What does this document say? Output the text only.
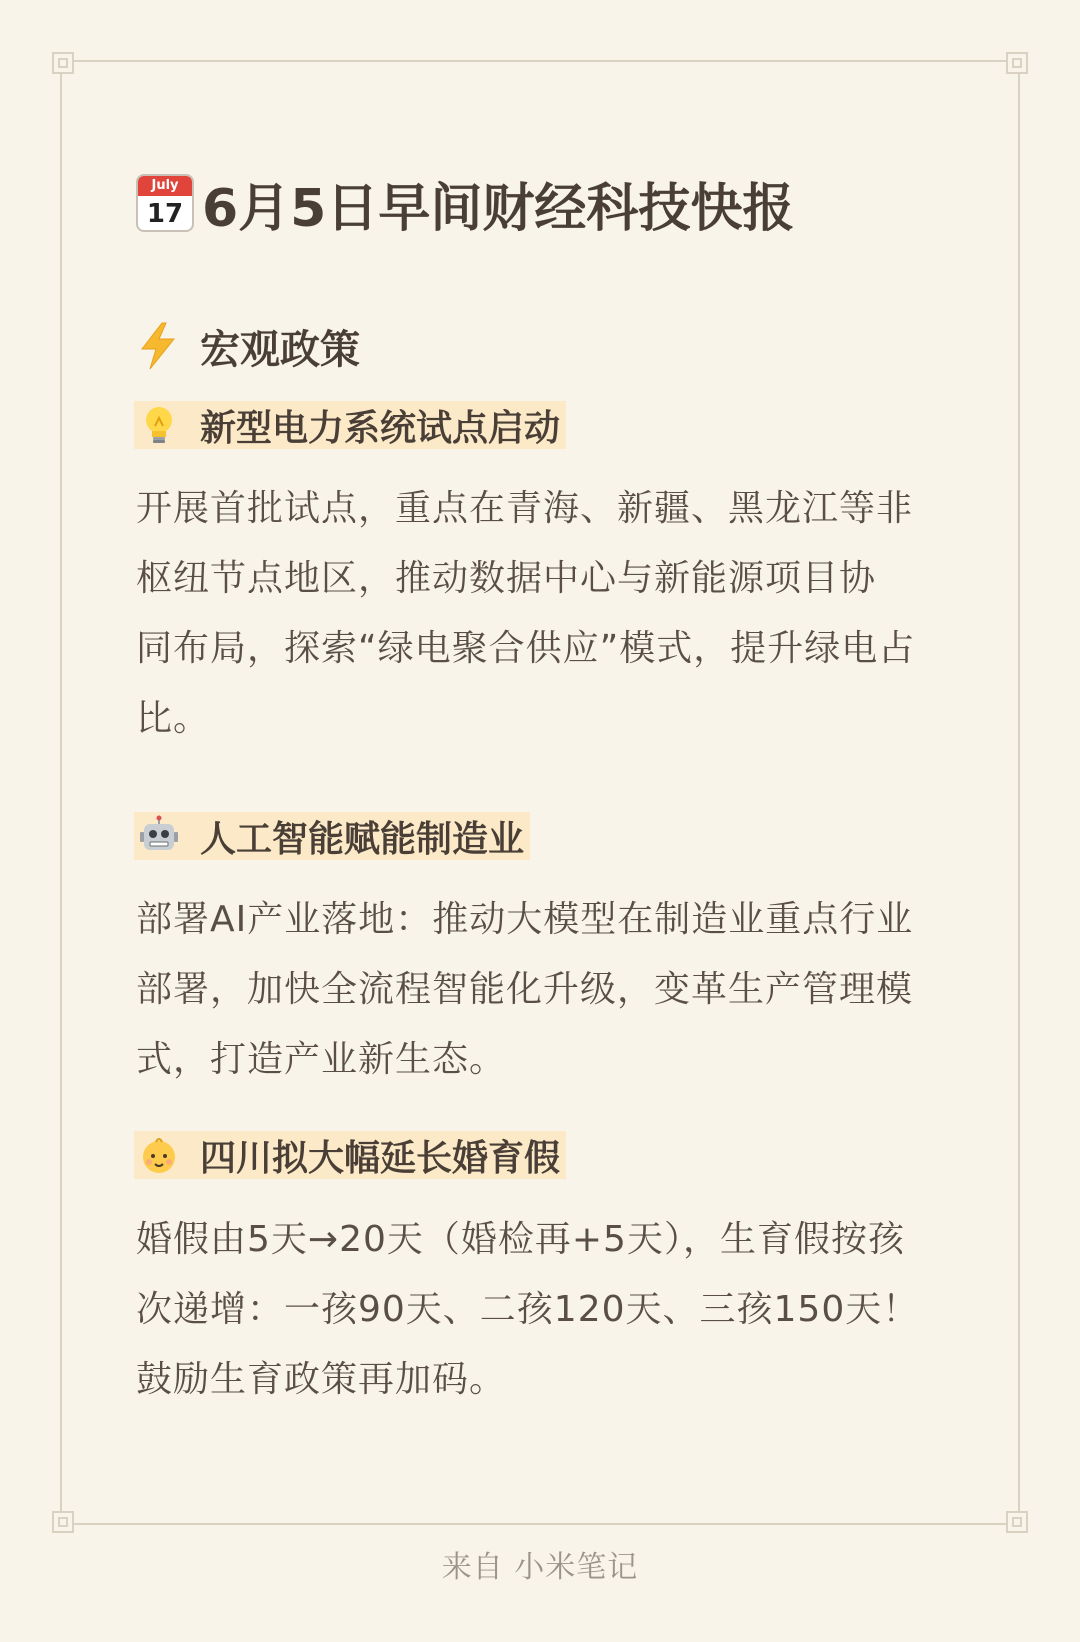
July
17 6月5日早间财经科技快报
宏观政策
新型电力系统试点启动
开展首批试点，重点在青海、新疆、黑龙江等非
枢纽节点地区，推动数据中心与新能源项目协
同布局，探索“绿电聚合供应”模式，提升绿电占
比。
人工智能赋能制造业
部署AI产业落地：推动大模型在制造业重点行业
部署，加快全流程智能化升级，变革生产管理模
式，打造产业新生态。
四川拟大幅延长婚育假
婚假由5天→20天（婚检再+5天），生育假按孩
次递增：一孩90天、二孩120天、三孩150天！
鼓励生育政策再加码。
来自 小米笔记
